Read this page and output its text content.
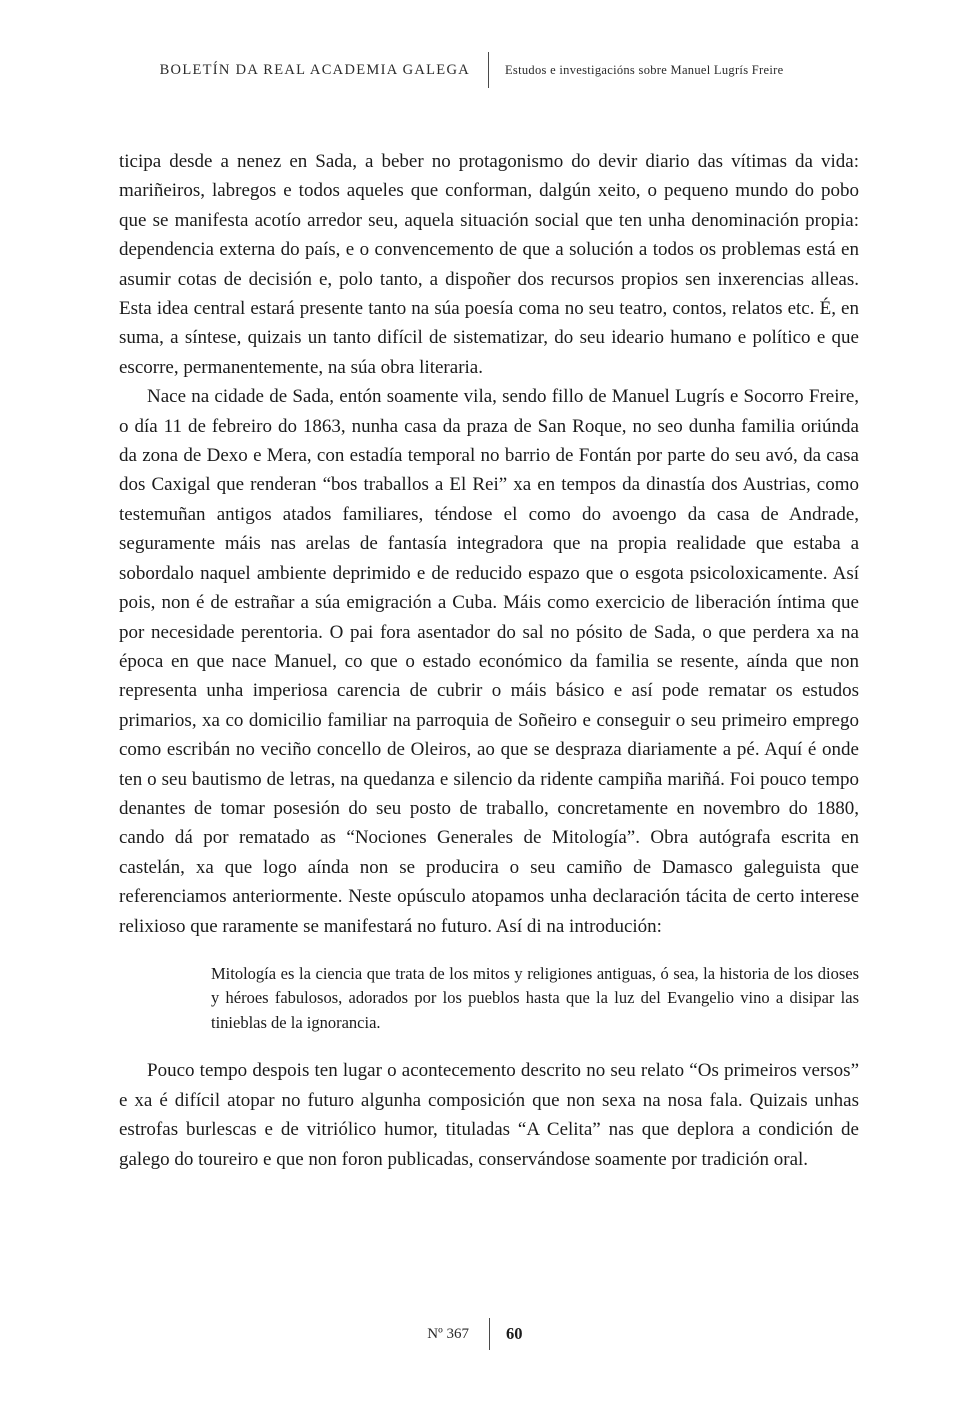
BOLETÍN DA REAL ACADEMIA GALEGA	Estudos e investigacións sobre Manuel Lugrís Freire

ticipa desde a nenez en Sada, a beber no protagonismo do devir diario das vítimas da vida: mariñeiros, labregos e todos aqueles que conforman, dalgún xeito, o pequeno mundo do pobo que se manifesta acotío arredor seu, aquela situación social que ten unha denominación propia: dependencia externa do país, e o convencemento de que a solución a todos os problemas está en asumir cotas de decisión e, polo tanto, a dispoñer dos recursos propios sen inxerencias alleas. Esta idea central estará presente tanto na súa poesía coma no seu teatro, contos, relatos etc. É, en suma, a síntese, quizais un tanto difícil de sistematizar, do seu ideario humano e político e que escorre, permanentemente, na súa obra literaria.

Nace na cidade de Sada, entón soamente vila, sendo fillo de Manuel Lugrís e Socorro Freire, o día 11 de febreiro do 1863, nunha casa da praza de San Roque, no seo dunha familia oriúnda da zona de Dexo e Mera, con estadía temporal no barrio de Fontán por parte do seu avó, da casa dos Caxigal que renderan “bos traballos a El Rei” xa en tempos da dinastía dos Austrias, como testemuñan antigos atados familiares, téndose el como do avoengo da casa de Andrade, seguramente máis nas arelas de fantasía integradora que na propia realidade que estaba a sobordalo naquel ambiente deprimido e de reducido espazo que o esgota psicoloxicamente. Así pois, non é de estrañar a súa emigración a Cuba. Máis como exercicio de liberación íntima que por necesidade perentoria. O pai fora asentador do sal no pósito de Sada, o que perdera xa na época en que nace Manuel, co que o estado económico da familia se resente, aínda que non representa unha imperiosa carencia de cubrir o máis básico e así pode rematar os estudos primarios, xa co domicilio familiar na parroquia de Soñeiro e conseguir o seu primeiro emprego como escribán no veciño concello de Oleiros, ao que se despraza diariamente a pé. Aquí é onde ten o seu bautismo de letras, na quedanza e silencio da ridente campiña mariñá. Foi pouco tempo denantes de tomar posesión do seu posto de traballo, concretamente en novembro do 1880, cando dá por rematado as “Nociones Generales de Mitología”. Obra autógrafa escrita en castelán, xa que logo aínda non se producira o seu camiño de Damasco galeguista que referenciamos anteriormente. Neste opúsculo atopamos unha declaración tácita de certo interese relixioso que raramente se manifestará no futuro. Así di na introdución:

Mitología es la ciencia que trata de los mitos y religiones antiguas, ó sea, la historia de los dioses y héroes fabulosos, adorados por los pueblos hasta que la luz del Evangelio vino a disipar las tinieblas de la ignorancia.

Pouco tempo despois ten lugar o acontecemento descrito no seu relato “Os primeiros versos” e xa é difícil atopar no futuro algunha composición que non sexa na nosa fala. Quizais unhas estrofas burlescas e de vitriólico humor, tituladas “A Celita” nas que deplora a condición de galego do toureiro e que non foron publicadas, conservándose soamente por tradición oral.

Nº 367	60
